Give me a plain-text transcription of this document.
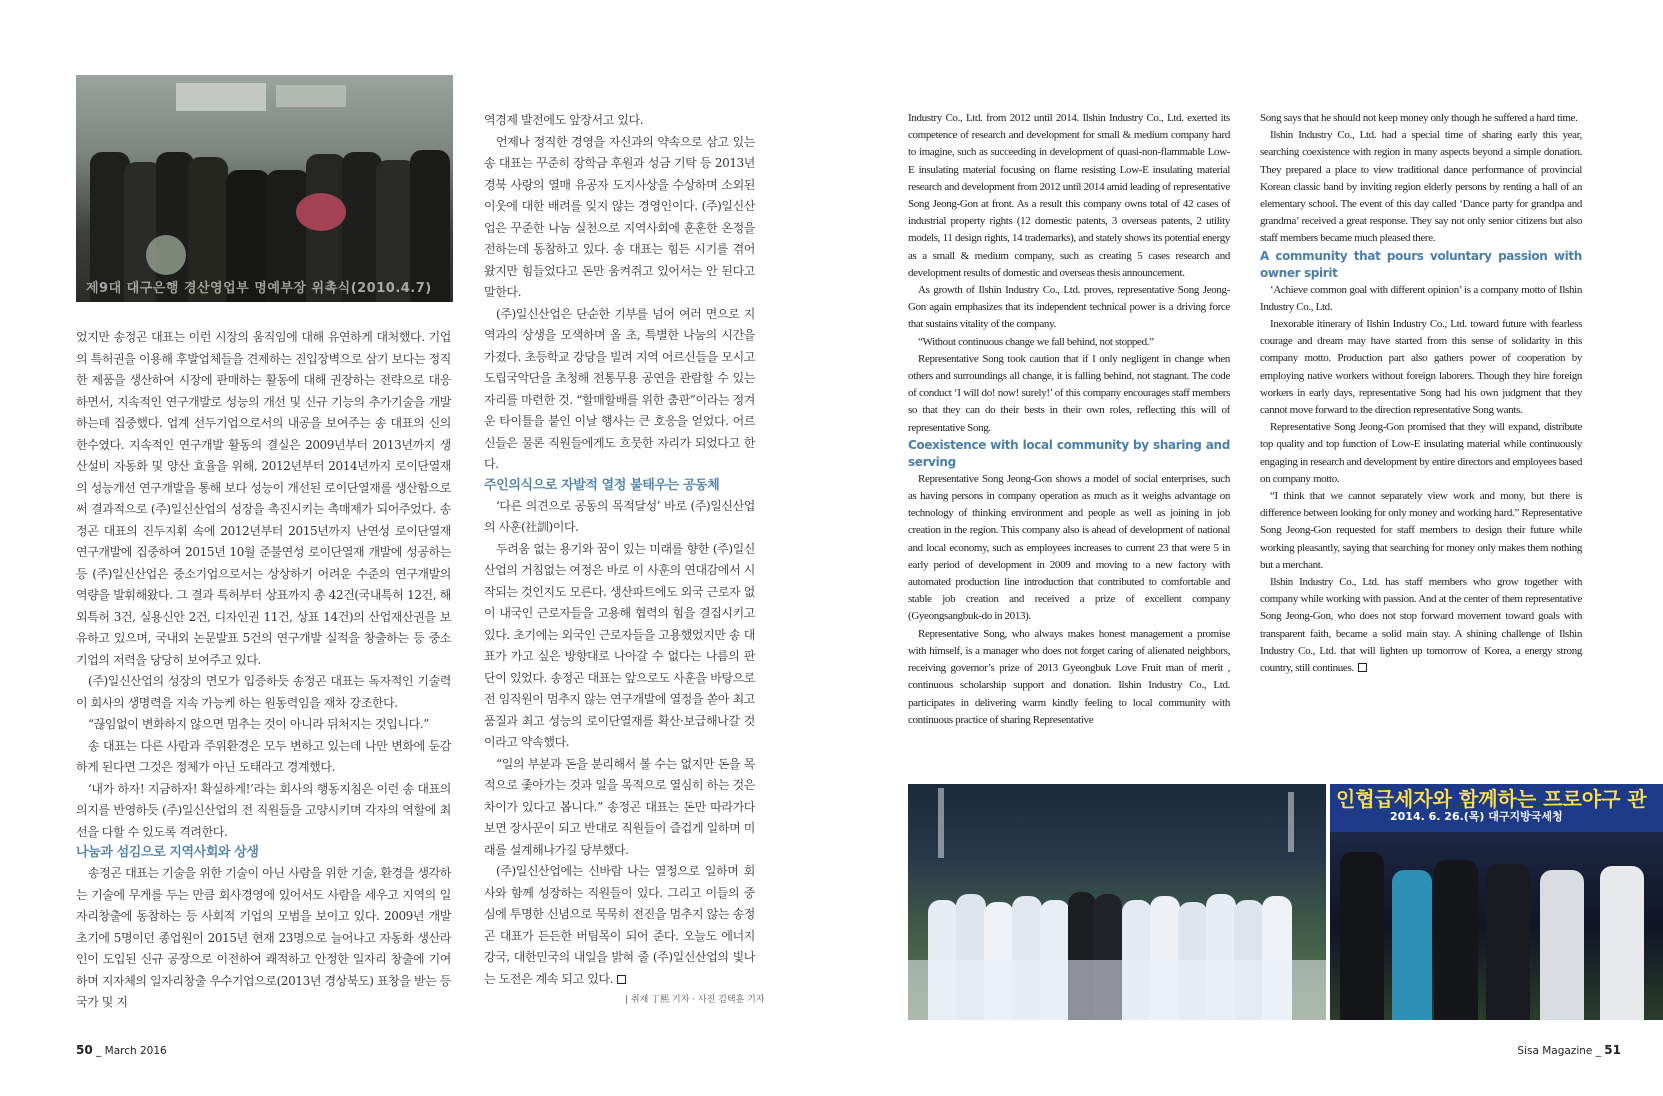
제9대 대구은행 경산영업부 명예부장 위촉식(2010.4.7)

었지만 송정곤 대표는 이런 시장의 움직임에 대해 유연하게 대처했다. 기업의 특허권을 이용해 후발업체들을 견제하는 진입장벽으로 삼기 보다는 정직한 제품을 생산하여 시장에 판매하는 활동에 대해 권장하는 전략으로 대응하면서, 지속적인 연구개발로 성능의 개선 및 신규 기능의 추가기술을 개발하는데 집중했다. 업계 선두기업으로서의 내공을 보여주는 송 대표의 신의 한수였다. 지속적인 연구개발 활동의 결실은 2009년부터 2013년까지 생산설비 자동화 및 양산 효율을 위해, 2012년부터 2014년까지 로이단열재의 성능개선 연구개발을 통해 보다 성능이 개선된 로이단열재를 생산함으로써 결과적으로 (주)일신산업의 성장을 촉진시키는 촉매제가 되어주었다. 송정곤 대표의 진두지휘 속에 2012년부터 2015년까지 난연성 로이단열재 연구개발에 집중하여 2015년 10월 준불연성 로이단열재 개발에 성공하는 등 (주)일신산업은 중소기업으로서는 상상하기 어려운 수준의 연구개발의 역량을 발휘해왔다. 그 결과 특허부터 상표까지 총 42건(국내특허 12건, 해외특허 3건, 실용신안 2건, 디자인권 11건, 상표 14건)의 산업재산권을 보유하고 있으며, 국내외 논문발표 5건의 연구개발 실적을 창출하는 등 중소기업의 저력을 당당히 보여주고 있다.

(주)일신산업의 성장의 면모가 입증하듯 송정곤 대표는 독자적인 기술력이 회사의 생명력을 지속 가능케 하는 원동력임을 재차 강조한다.

“끊임없이 변화하지 않으면 멈추는 것이 아니라 뒤처지는 것입니다.”

송 대표는 다른 사람과 주위환경은 모두 변하고 있는데 나만 변화에 둔감하게 된다면 그것은 정체가 아닌 도태라고 경계했다.

‘내가 하자! 지금하자! 확실하게!’라는 회사의 행동지침은 이런 송 대표의 의지를 반영하듯 (주)일신산업의 전 직원들을 고양시키며 각자의 역할에 최선을 다할 수 있도록 격려한다.

나눔과 섬김으로 지역사회와 상생

송정곤 대표는 기술을 위한 기술이 아닌 사람을 위한 기술, 환경을 생각하는 기술에 무게를 두는 만큼 회사경영에 있어서도 사람을 세우고 지역의 일자리창출에 동참하는 등 사회적 기업의 모범을 보이고 있다. 2009년 개발 초기에 5명이던 종업원이 2015년 현재 23명으로 늘어나고 자동화 생산라인이 도입된 신규 공장으로 이전하여 쾌적하고 안정한 일자리 창출에 기여하며 지자체의 일자리창출 우수기업으로(2013년 경상북도) 표창을 받는 등 국가 및 지

역경제 발전에도 앞장서고 있다.

언제나 정직한 경영을 자신과의 약속으로 삼고 있는 송 대표는 꾸준히 장학금 후원과 성금 기탁 등 2013년 경북 사랑의 열매 유공자 도지사상을 수상하며 소외된 이웃에 대한 배려를 잊지 않는 경영인이다. (주)일신산업은 꾸준한 나눔 실천으로 지역사회에 훈훈한 온정을 전하는데 동참하고 있다. 송 대표는 힘든 시기를 겪어왔지만 힘들었다고 돈만 움켜쥐고 있어서는 안 된다고 말한다.

(주)일신산업은 단순한 기부를 넘어 여러 면으로 지역과의 상생을 모색하며 올 초, 특별한 나눔의 시간을 가졌다. 초등학교 강당을 빌려 지역 어르신들을 모시고 도립국악단을 초청해 전통무용 공연을 관람할 수 있는 자리를 마련한 것. “할매할배를 위한 춤판”이라는 정겨운 타이틀을 붙인 이날 행사는 큰 호응을 얻었다. 어르신들은 물론 직원들에게도 흐뭇한 자리가 되었다고 한다.

주인의식으로 자발적 열정 불태우는 공동체

‘다른 의견으로 공동의 목적달성’ 바로 (주)일신산업의 사훈(社訓)이다.

두려움 없는 용기와 꿈이 있는 미래를 향한 (주)일신산업의 거침없는 여정은 바로 이 사훈의 연대감에서 시작되는 것인지도 모른다. 생산파트에도 외국 근로자 없이 내국인 근로자들을 고용해 협력의 힘을 결집시키고 있다. 초기에는 외국인 근로자들을 고용했었지만 송 대표가 가고 싶은 방향대로 나아갈 수 없다는 나름의 판단이 있었다. 송정곤 대표는 앞으로도 사훈을 바탕으로 전 임직원이 멈추지 않는 연구개발에 열정을 쏟아 최고 품질과 최고 성능의 로이단열재를 확산·보급해나갈 것이라고 약속했다.

“일의 부분과 돈을 분리해서 볼 수는 없지만 돈을 목적으로 좇아가는 것과 일을 목적으로 열심히 하는 것은 차이가 있다고 봅니다.” 송정곤 대표는 돈만 따라가다 보면 장사꾼이 되고 반대로 직원들이 즐겁게 일하며 미래를 설계해나가길 당부했다.

(주)일신산업에는 신바람 나는 열정으로 일하며 회사와 함께 성장하는 직원들이 있다. 그리고 이들의 중심에 투명한 신념으로 묵묵히 전진을 멈추지 않는 송정곤 대표가 든든한 버팀목이 되어 준다. 오늘도 에너지 강국, 대한민국의 내일을 밝혀 줄 (주)일신산업의 빛나는 도전은 계속 되고 있다.

| 취재 丁熙 기자 · 사진 김택훈 기자
50 _ March 2016

Industry Co., Ltd. from 2012 until 2014. Ilshin Industry Co., Ltd. exerted its competence of research and development for small & medium company hard to imagine, such as succeeding in development of quasi-non-flammable Low-E insulating material focusing on flame resisting Low-E insulating material research and development from 2012 until 2014 amid leading of representative Song Jeong-Gon at front. As a result this company owns total of 42 cases of industrial property rights (12 domestic patents, 3 overseas patents, 2 utility models, 11 design rights, 14 trademarks), and stately shows its potential energy as a small & medium company, such as creating 5 cases research and development results of domestic and overseas thesis announcement.

As growth of Ilshin Industry Co., Ltd. proves, representative Song Jeong-Gon again emphasizes that its independent technical power is a driving force that sustains vitality of the company.

“Without continuous change we fall behind, not stopped.”

Representative Song took caution that if I only negligent in change when others and surroundings all change, it is falling behind, not stagnant. The code of conduct ‘I will do! now! surely!’ of this company encourages staff members so that they can do their bests in their own roles, reflecting this will of representative Song.

Coexistence with local community by sharing and serving

Representative Song Jeong-Gon shows a model of social enterprises, such as having persons in company operation as much as it weighs advantage on technology of thinking environment and people as well as joining in job creation in the region. This company also is ahead of development of national and local economy, such as employees increases to current 23 that were 5 in early period of development in 2009 and moving to a new factory with automated production line introduction that contributed to comfortable and stable job creation and received a prize of excellent company (Gyeongsangbuk-do in 2013).

Representative Song, who always makes honest management a promise with himself, is a manager who does not forget caring of alienated neighbors, receiving governor’s prize of 2013 Gyeongbuk Love Fruit man of merit , continuous scholarship support and donation. Ilshin Industry Co., Ltd. participates in delivering warm kindly feeling to local community with continuous practice of sharing Representative

Song says that he should not keep money only though he suffered a hard time.

Ilshin Industry Co., Ltd. had a special time of sharing early this year, searching coexistence with region in many aspects beyond a simple donation. They prepared a place to view traditional dance performance of provincial Korean classic band by inviting region elderly persons by renting a hall of an elementary school. The event of this day called ‘Dance party for grandpa and grandma’ received a great response. They say not only senior citizens but also staff members became much pleased there.

A community that pours voluntary passion with owner spirit

‘Achieve common goal with different opinion’ is a company motto of Ilshin Industry Co., Ltd.

Inexorable itinerary of Ilshin Industry Co., Ltd. toward future with fearless courage and dream may have started from this sense of solidarity in this company motto. Production part also gathers power of cooperation by employing native workers without foreign laborers. Though they hire foreign workers in early days, representative Song had his own judgment that they cannot move forward to the direction representative Song wants.

Representative Song Jeong-Gon promised that they will expand, distribute top quality and top function of Low-E insulating material while continuously engaging in research and development by entire directors and employees based on company motto.

“I think that we cannot separately view work and mony, but there is difference between looking for only money and working hard.” Representative Song Jeong-Gon requested for staff members to design their future while working pleasantly, saying that searching for money only makes them nothing but a merchant.

Ilshin Industry Co., Ltd. has staff members who grow together with company while working with passion. And at the center of them representative Song Jeong-Gon, who does not stop forward movement toward goals with transparent faith, became a solid main stay. A shining challenge of Ilshin Industry Co., Ltd. that will lighten up tomorrow of Korea, a energy strong country, still continues.

인협급세자와 함께하는 프로야구 관
2014. 6. 26.(목) 대구지방국세청
Sisa Magazine _ 51
